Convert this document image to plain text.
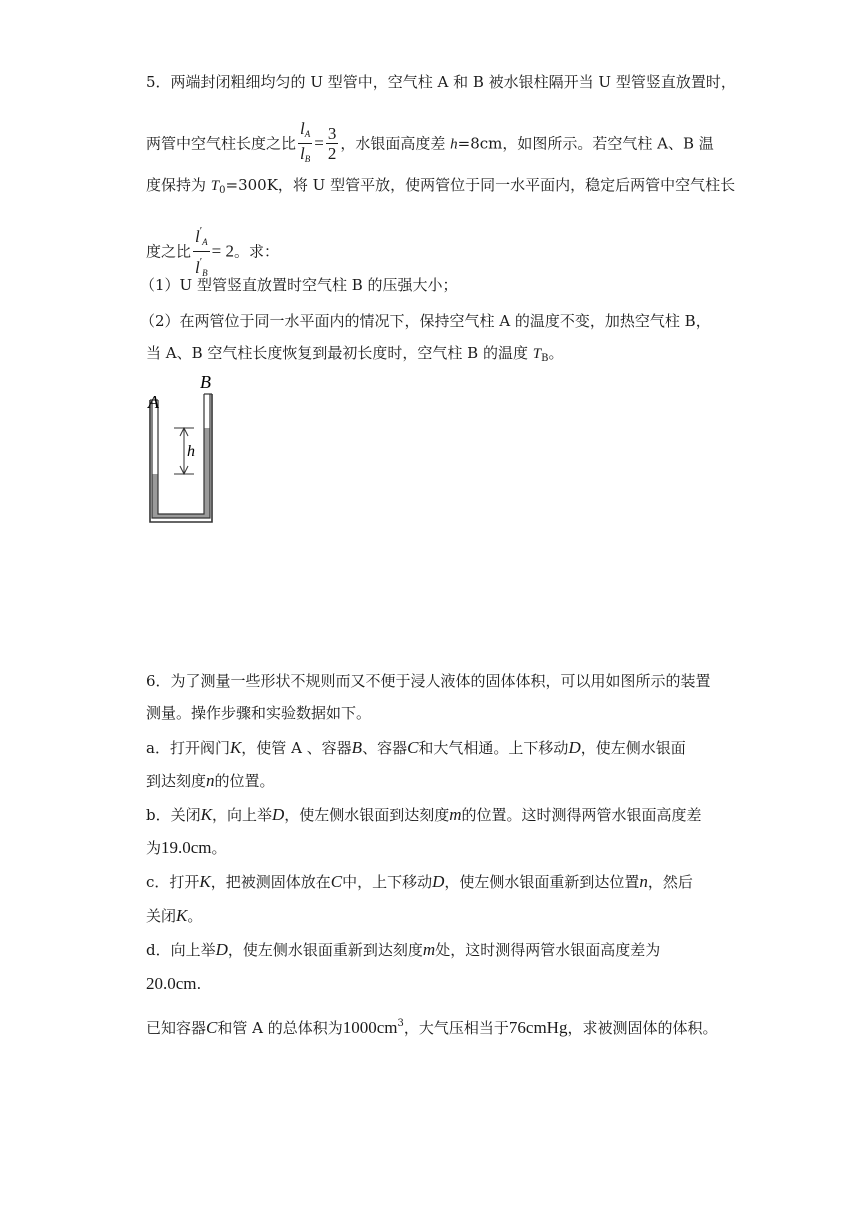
5．两端封闭粗细均匀的 U 型管中，空气柱 A 和 B 被水银柱隔开当 U 型管竖直放置时，
两管中空气柱长度之比 $\frac{l_A}{l_B} = \frac{3}{2}$ ，水银面高度差 h=8cm，如图所示。若空气柱 A、B 温
度保持为 $T_0=300K$，将 U 型管平放，使两管位于同一水平面内，稳定后两管中空气柱长
度之比 $\frac{l'_A}{l'_B} = 2$。求：
（1）U 型管竖直放置时空气柱 B 的压强大小；
（2）在两管位于同一水平面内的情况下，保持空气柱 A 的温度不变，加热空气柱 B，
当 A、B 空气柱长度恢复到最初长度时，空气柱 B 的温度 $T_B$。
h
A
B
6．为了测量一些形状不规则而又不便于浸人液体的固体体积，可以用如图所示的装置
测量。操作步骤和实验数据如下。
a．打开阀门K，使管 A 、容器B、容器C和大气相通。上下移动D，使左侧水银面
到达刻度n的位置。
b．关闭K，向上举D，使左侧水银面到达刻度m的位置。这时测得两管水银面高度差
为19.0cm。
c．打开K，把被测固体放在C中，上下移动D，使左侧水银面重新到达位置n，然后
关闭K。
d．向上举D，使左侧水银面重新到达刻度m处，这时测得两管水银面高度差为
20.0cm.
已知容器C和管 A 的总体积为$1000cm^3$，大气压相当于76cmHg，求被测固体的体积。
